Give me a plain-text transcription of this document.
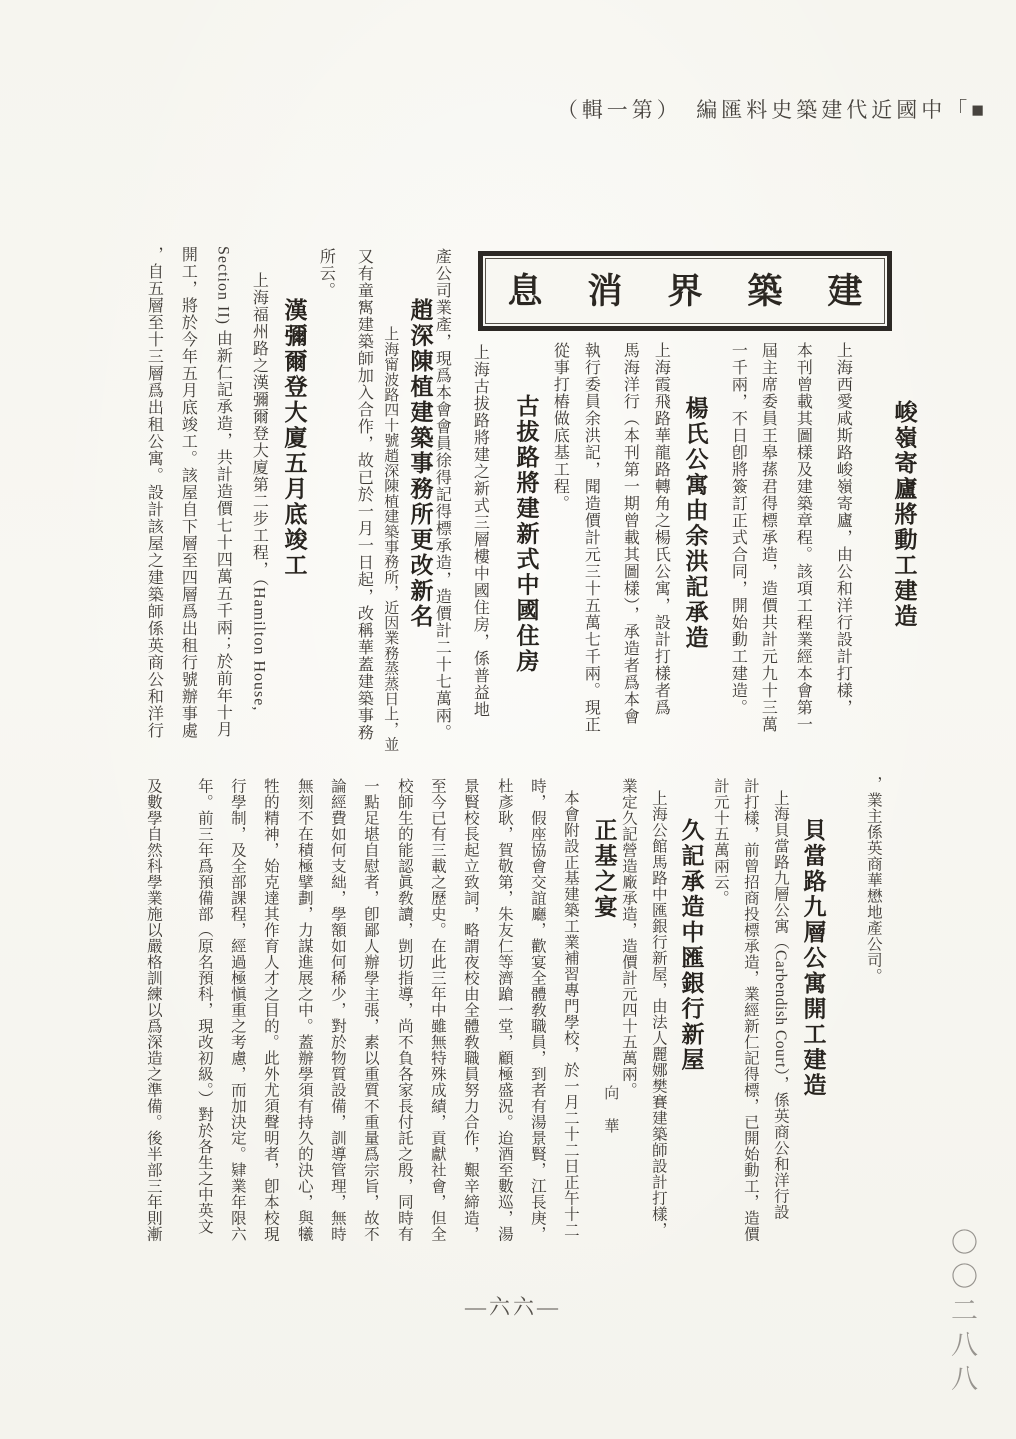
（輯一第）　編匯料史築建代近國中「■
息消界築建
峻嶺寄廬將動工建造
上海西愛咸斯路峻嶺寄廬，由公和洋行設計打樣，
本刊曾載其圖樣及建築章程。該項工程業經本會第一
屆主席委員王皋蓀君得標承造，造價共計元九十三萬
一千兩，不日卽將簽訂正式合同，開始動工建造。
楊氏公寓由余洪記承造
上海霞飛路華龍路轉角之楊氏公寓，設計打樣者爲
馬海洋行（本刊第一期曾載其圖樣），承造者爲本會
執行委員余洪記，聞造價計元三十五萬七千兩。現正
從事打樁做底基工程。
古拔路將建新式中國住房
上海古拔路將建之新式三層樓中國住房，係普益地
產公司業產，現爲本會會員徐得記得標承造，造價計二十七萬兩。
趙深陳植建築事務所更改新名
上海甯波路四十號趙深陳植建築事務所，近因業務蒸蒸日上，並
又有童寯建築師加入合作，故已於一月一日起，改稱華蓋建築事務
所云。
漢彌爾登大廈五月底竣工
上海福州路之漢彌爾登大廈第二步工程，（Hamilton House,
Section II) 由新仁記承造，共計造價七十四萬五千兩；於前年十月
開工，將於今年五月底竣工。該屋自下層至四層爲出租行號辦事處
，自五層至十三層爲出租公寓。設計該屋之建築師係英商公和洋行
，業主係英商華懋地產公司。
貝當路九層公寓開工建造
上海貝當路九層公寓（Carbendish Court），係英商公和洋行設
計打樣，前曾招商投標承造，業經新仁記得標，已開始動工，造價
計元十五萬兩云。
久記承造中匯銀行新屋
上海公館馬路中匯銀行新屋，由法人麗娜樊賽建築師設計打樣，
業定久記營造廠承造，造價計元四十五萬兩。
正基之宴
向華
本會附設正基建築工業補習專門學校，於一月二十二日正午十二
時，假座協會交誼廳，歡宴全體敎職員，到者有湯景賢，江長庚，
杜彥耿，賀敬第，朱友仁等濟蹌一堂，顧極盛況。迨酒至數巡，湯
景賢校長起立致詞，略謂夜校由全體敎職員努力合作，艱辛締造，
至今已有三載之歷史。在此三年中雖無特殊成績，貢獻社會，但全
校師生的能認眞敎讀，剴切指導，尚不負各家長付託之殷，同時有
一點足堪自慰者，卽鄙人辦學主張，素以重質不重量爲宗旨，故不
論經費如何支絀，學額如何稀少，對於物質設備，訓導管理，無時
無刻不在積極擘劃，力謀進展之中。蓋辦學須有持久的決心，與犧
牲的精神，始克達其作育人才之目的。此外尤須聲明者，卽本校現
行學制，及全部課程，經過極愼重之考慮，而加決定。肄業年限六
年。前三年爲預備部（原名預科，現改初級。）對於各生之中英文
及數學自然科學業施以嚴格訓練以爲深造之準備。後半部三年則漸
—六六—	〇〇二八八
